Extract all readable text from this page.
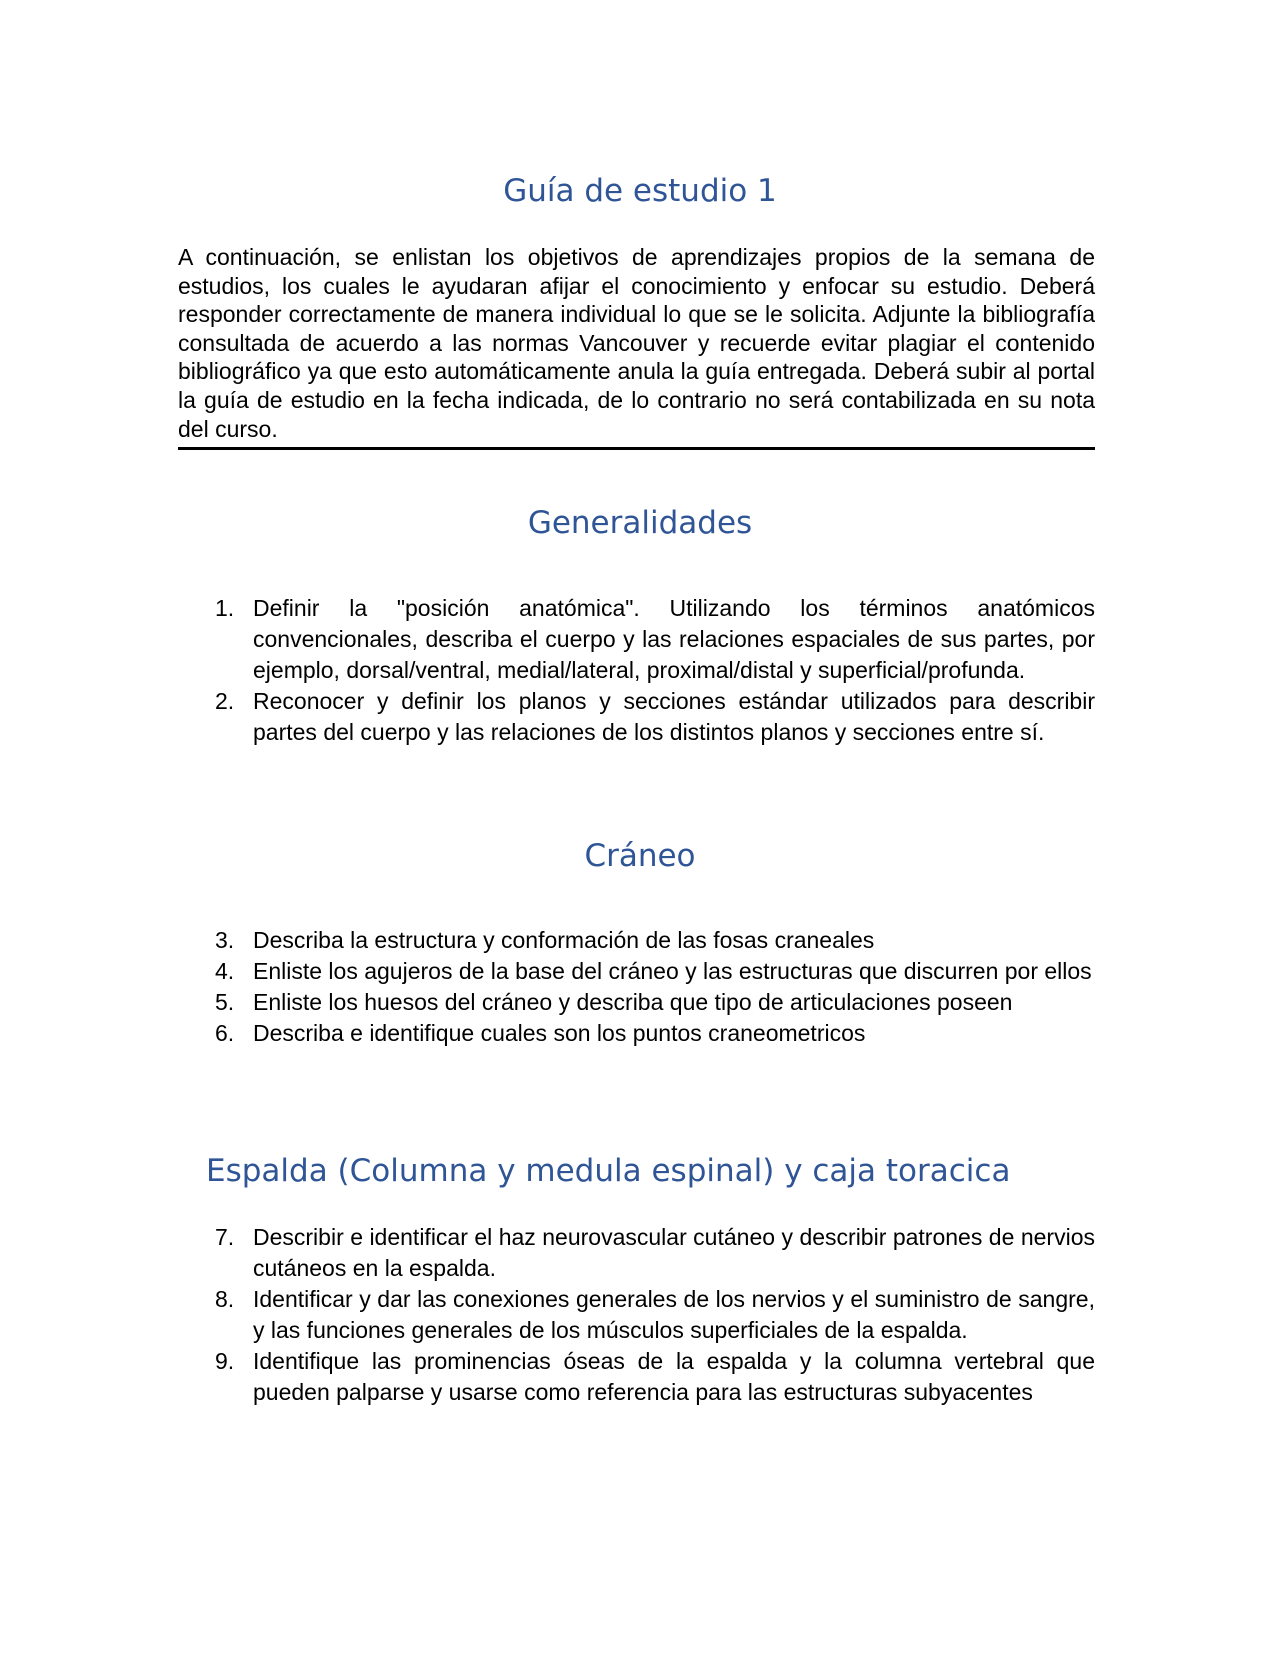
Guía de estudio 1

A continuación, se enlistan los objetivos de aprendizajes propios de la semana de estudios, los cuales le ayudaran afijar el conocimiento y enfocar su estudio. Deberá responder correctamente de manera individual lo que se le solicita. Adjunte la bibliografía consultada de acuerdo a las normas Vancouver y recuerde evitar plagiar el contenido bibliográfico ya que esto automáticamente anula la guía entregada. Deberá subir al portal la guía de estudio en la fecha indicada, de lo contrario no será contabilizada en su nota del curso.

Generalidades
1. Definir la "posición anatómica". Utilizando los términos anatómicos convencionales, describa el cuerpo y las relaciones espaciales de sus partes, por ejemplo, dorsal/ventral, medial/lateral, proximal/distal y superficial/profunda.
2. Reconocer y definir los planos y secciones estándar utilizados para describir partes del cuerpo y las relaciones de los distintos planos y secciones entre sí.
Cráneo
3. Describa la estructura y conformación de las fosas craneales
4. Enliste los agujeros de la base del cráneo y las estructuras que discurren por ellos
5. Enliste los huesos del cráneo y describa que tipo de articulaciones poseen
6. Describa e identifique cuales son los puntos craneometricos
Espalda (Columna y medula espinal) y caja toracica
7. Describir e identificar el haz neurovascular cutáneo y describir patrones de nervios cutáneos en la espalda.
8. Identificar y dar las conexiones generales de los nervios y el suministro de sangre, y las funciones generales de los músculos superficiales de la espalda.
9. Identifique las prominencias óseas de la espalda y la columna vertebral que pueden palparse y usarse como referencia para las estructuras subyacentes
